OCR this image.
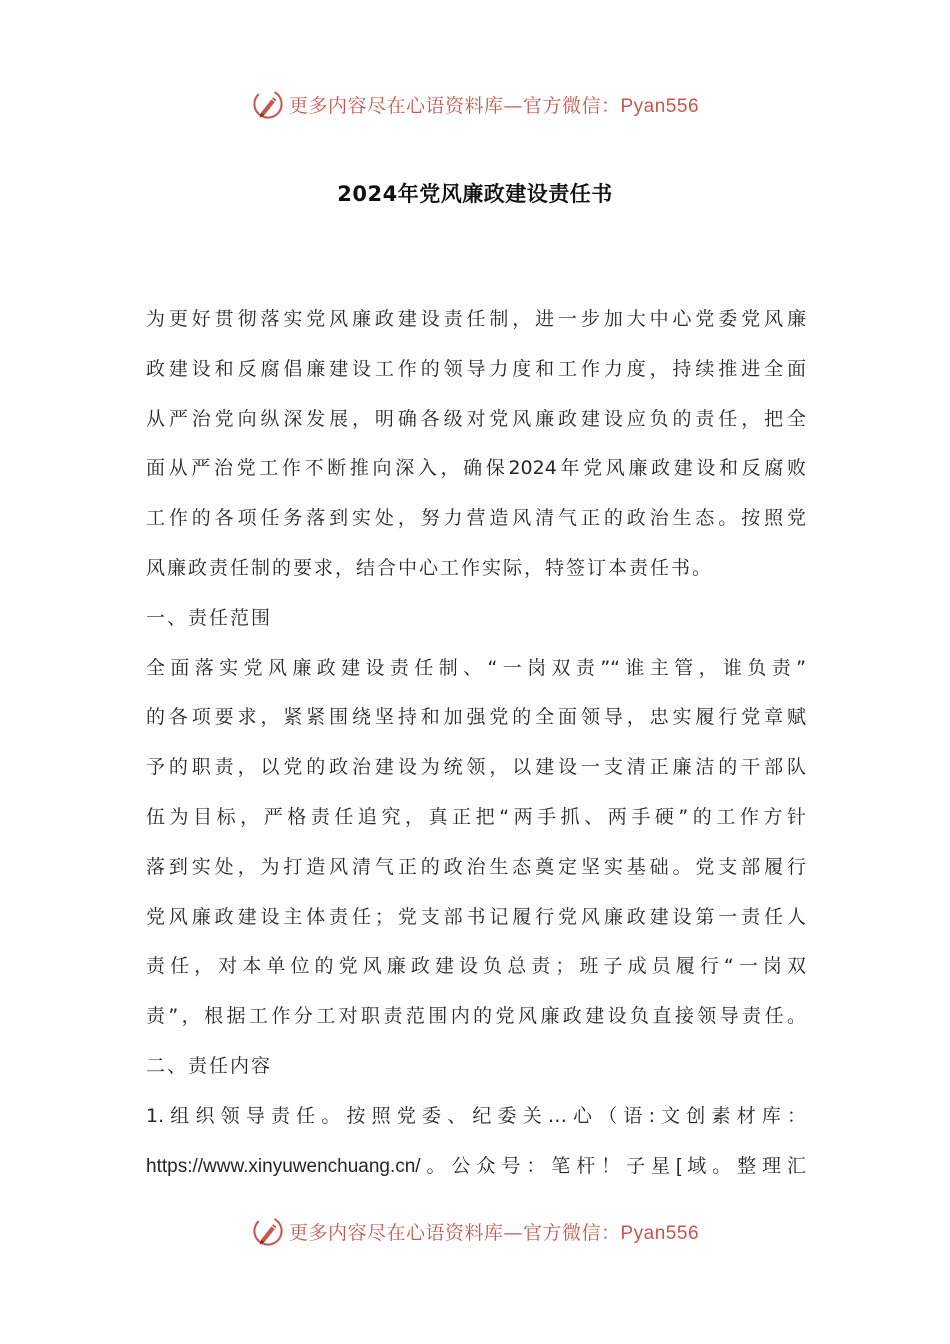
更多内容尽在心语资料库—官方微信：Pyan556
2024年党风廉政建设责任书
为更好贯彻落实党风廉政建设责任制，进一步加大中心党委党风廉
政建设和反腐倡廉建设工作的领导力度和工作力度，持续推进全面
从严治党向纵深发展，明确各级对党风廉政建设应负的责任，把全
面从严治党工作不断推向深入，确保2024年党风廉政建设和反腐败
工作的各项任务落到实处，努力营造风清气正的政治生态。按照党
风廉政责任制的要求，结合中心工作实际，特签订本责任书。
一、责任范围
全面落实党风廉政建设责任制、“一岗双责”“谁主管，谁负责”
的各项要求，紧紧围绕坚持和加强党的全面领导，忠实履行党章赋
予的职责，以党的政治建设为统领，以建设一支清正廉洁的干部队
伍为目标，严格责任追究，真正把“两手抓、两手硬”的工作方针
落到实处，为打造风清气正的政治生态奠定坚实基础。党支部履行
党风廉政建设主体责任；党支部书记履行党风廉政建设第一责任人
责任，对本单位的党风廉政建设负总责；班子成员履行“一岗双
责”，根据工作分工对职责范围内的党风廉政建设负直接领导责任。
二、责任内容
1.组织领导责任。按照党委、纪委关…心（语:文创素材库：
https://www.xinyuwenchuang.cn/。公众号：笔杆！子星[域。整理汇
更多内容尽在心语资料库—官方微信：Pyan556
